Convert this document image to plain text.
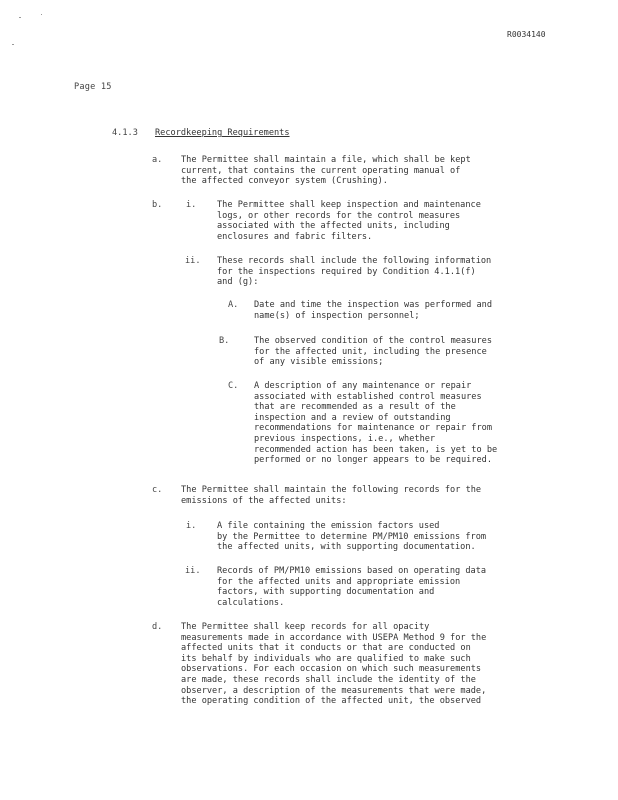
R0034140
Page 15
4.1.3 Recordkeeping Requirements
a. The Permittee shall maintain a file, which shall be kept
current, that contains the current operating manual of
the affected conveyor system (Crushing).
b.	i. The Permittee shall keep inspection and maintenance
logs, or other records for the control measures
associated with the affected units, including
enclosures and fabric filters.
ii. These records shall include the following information
for the inspections required by Condition 4.1.1(f)
and (g):
A. Date and time the inspection was performed and
name(s) of inspection personnel;
B.	The observed condition of the control measures
for the affected unit, including the presence
of any visible emissions;
C. A description of any maintenance or repair
associated with established control measures
that are recommended as a result of the
inspection and a review of outstanding
recommendations for maintenance or repair from
previous inspections, i.e., whether
recommended action has been taken, is yet to be
performed or no longer appears to be required.
c. The Permittee shall maintain the following records for the
emissions of the affected units:
i. A file containing the emission factors used
by the Permittee to determine PM/PM10 emissions from
the affected units, with supporting documentation.
ii. Records of PM/PM10 emissions based on operating data
for the affected units and appropriate emission
factors, with supporting documentation and
calculations.
d. The Permittee shall keep records for all opacity
measurements made in accordance with USEPA Method 9 for the
affected units that it conducts or that are conducted on
its behalf by individuals who are qualified to make such
observations. For each occasion on which such measurements
are made, these records shall include the identity of the
observer, a description of the measurements that were made,
the operating condition of the affected unit, the observed
